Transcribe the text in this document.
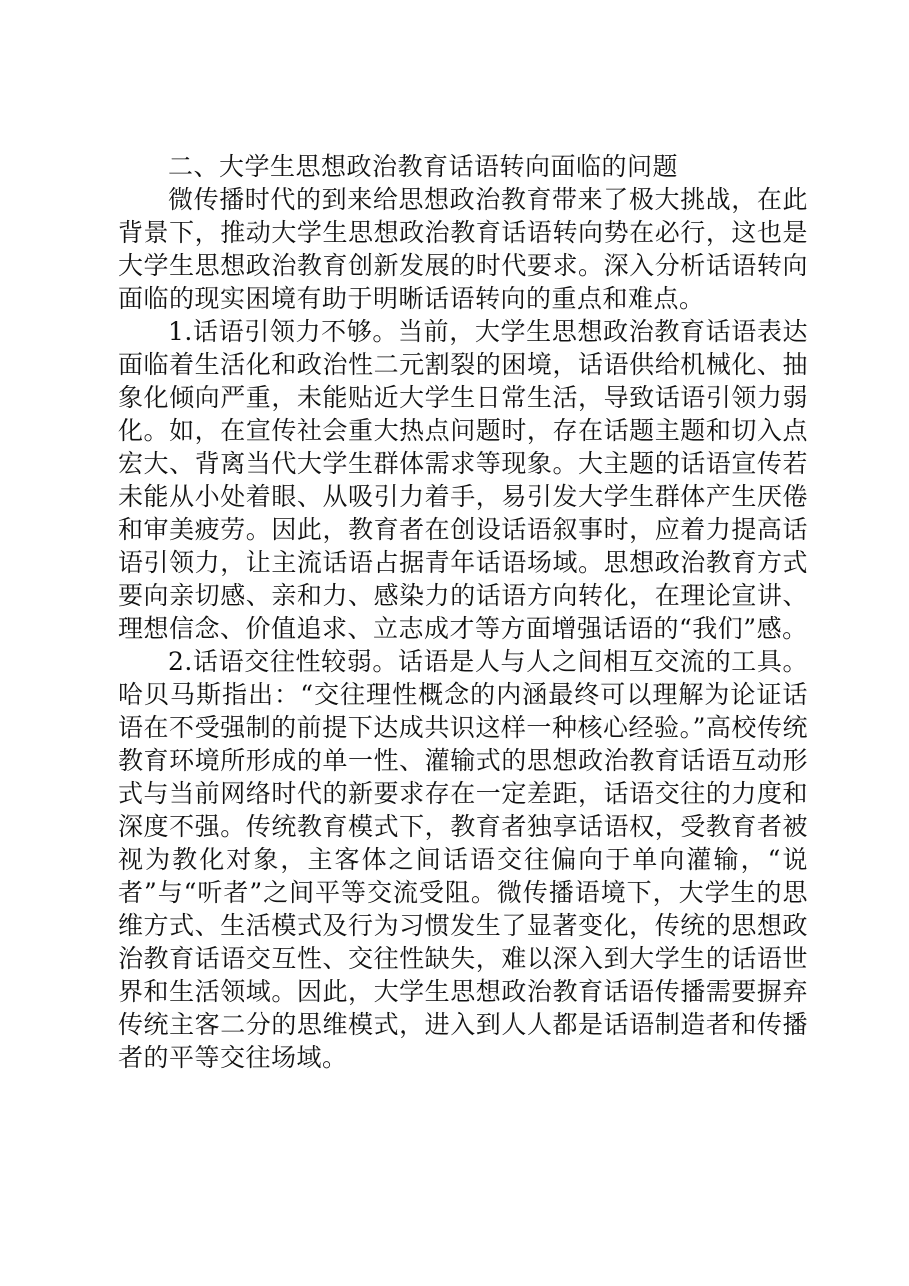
二、大学生思想政治教育话语转向面临的问题

微传播时代的到来给思想政治教育带来了极大挑战，在此背景下，推动大学生思想政治教育话语转向势在必行，这也是大学生思想政治教育创新发展的时代要求。深入分析话语转向面临的现实困境有助于明晰话语转向的重点和难点。

1.话语引领力不够。当前，大学生思想政治教育话语表达面临着生活化和政治性二元割裂的困境，话语供给机械化、抽象化倾向严重，未能贴近大学生日常生活，导致话语引领力弱化。如，在宣传社会重大热点问题时，存在话题主题和切入点宏大、背离当代大学生群体需求等现象。大主题的话语宣传若未能从小处着眼、从吸引力着手，易引发大学生群体产生厌倦和审美疲劳。因此，教育者在创设话语叙事时，应着力提高话语引领力，让主流话语占据青年话语场域。思想政治教育方式要向亲切感、亲和力、感染力的话语方向转化，在理论宣讲、理想信念、价值追求、立志成才等方面增强话语的“我们”感。

2.话语交往性较弱。话语是人与人之间相互交流的工具。哈贝马斯指出：“交往理性概念的内涵最终可以理解为论证话语在不受强制的前提下达成共识这样一种核心经验。”高校传统教育环境所形成的单一性、灌输式的思想政治教育话语互动形式与当前网络时代的新要求存在一定差距，话语交往的力度和深度不强。传统教育模式下，教育者独享话语权，受教育者被视为教化对象，主客体之间话语交往偏向于单向灌输，“说者”与“听者”之间平等交流受阻。微传播语境下，大学生的思维方式、生活模式及行为习惯发生了显著变化，传统的思想政治教育话语交互性、交往性缺失，难以深入到大学生的话语世界和生活领域。因此，大学生思想政治教育话语传播需要摒弃传统主客二分的思维模式，进入到人人都是话语制造者和传播者的平等交往场域。
